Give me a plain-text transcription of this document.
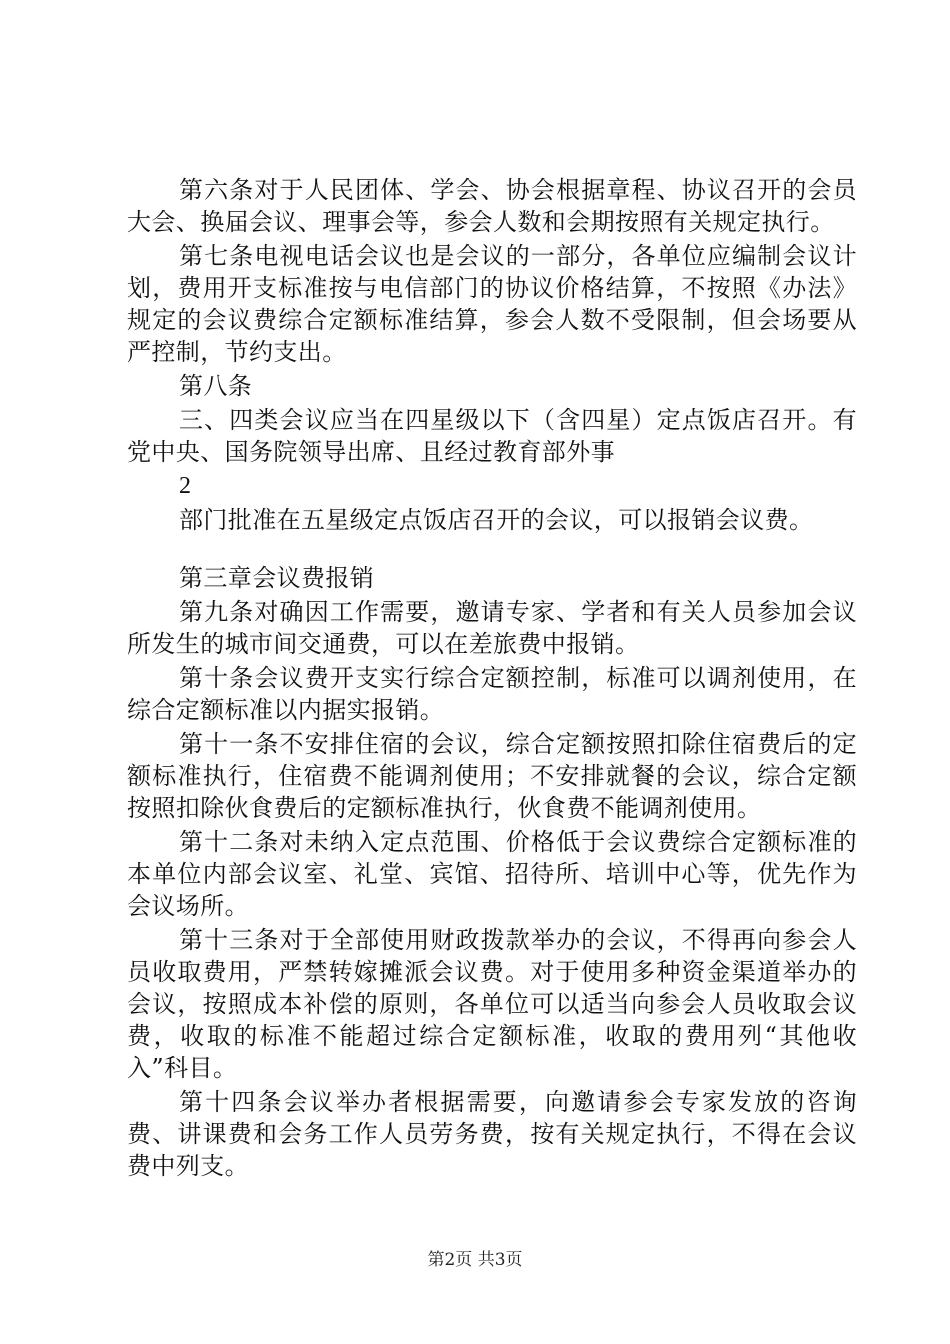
第六条对于人民团体、学会、协会根据章程、协议召开的会员大会、换届会议、理事会等，参会人数和会期按照有关规定执行。

第七条电视电话会议也是会议的一部分，各单位应编制会议计划，费用开支标准按与电信部门的协议价格结算，不按照《办法》规定的会议费综合定额标准结算，参会人数不受限制，但会场要从严控制，节约支出。

第八条

三、四类会议应当在四星级以下（含四星）定点饭店召开。有党中央、国务院领导出席、且经过教育部外事

2

部门批准在五星级定点饭店召开的会议，可以报销会议费。

第三章会议费报销

第九条对确因工作需要，邀请专家、学者和有关人员参加会议所发生的城市间交通费，可以在差旅费中报销。

第十条会议费开支实行综合定额控制，标准可以调剂使用，在综合定额标准以内据实报销。

第十一条不安排住宿的会议，综合定额按照扣除住宿费后的定额标准执行，住宿费不能调剂使用；不安排就餐的会议，综合定额按照扣除伙食费后的定额标准执行，伙食费不能调剂使用。

第十二条对未纳入定点范围、价格低于会议费综合定额标准的本单位内部会议室、礼堂、宾馆、招待所、培训中心等，优先作为会议场所。

第十三条对于全部使用财政拨款举办的会议，不得再向参会人员收取费用，严禁转嫁摊派会议费。对于使用多种资金渠道举办的会议，按照成本补偿的原则，各单位可以适当向参会人员收取会议费，收取的标准不能超过综合定额标准，收取的费用列“其他收入”科目。

第十四条会议举办者根据需要，向邀请参会专家发放的咨询费、讲课费和会务工作人员劳务费，按有关规定执行，不得在会议费中列支。

第2页 共3页
